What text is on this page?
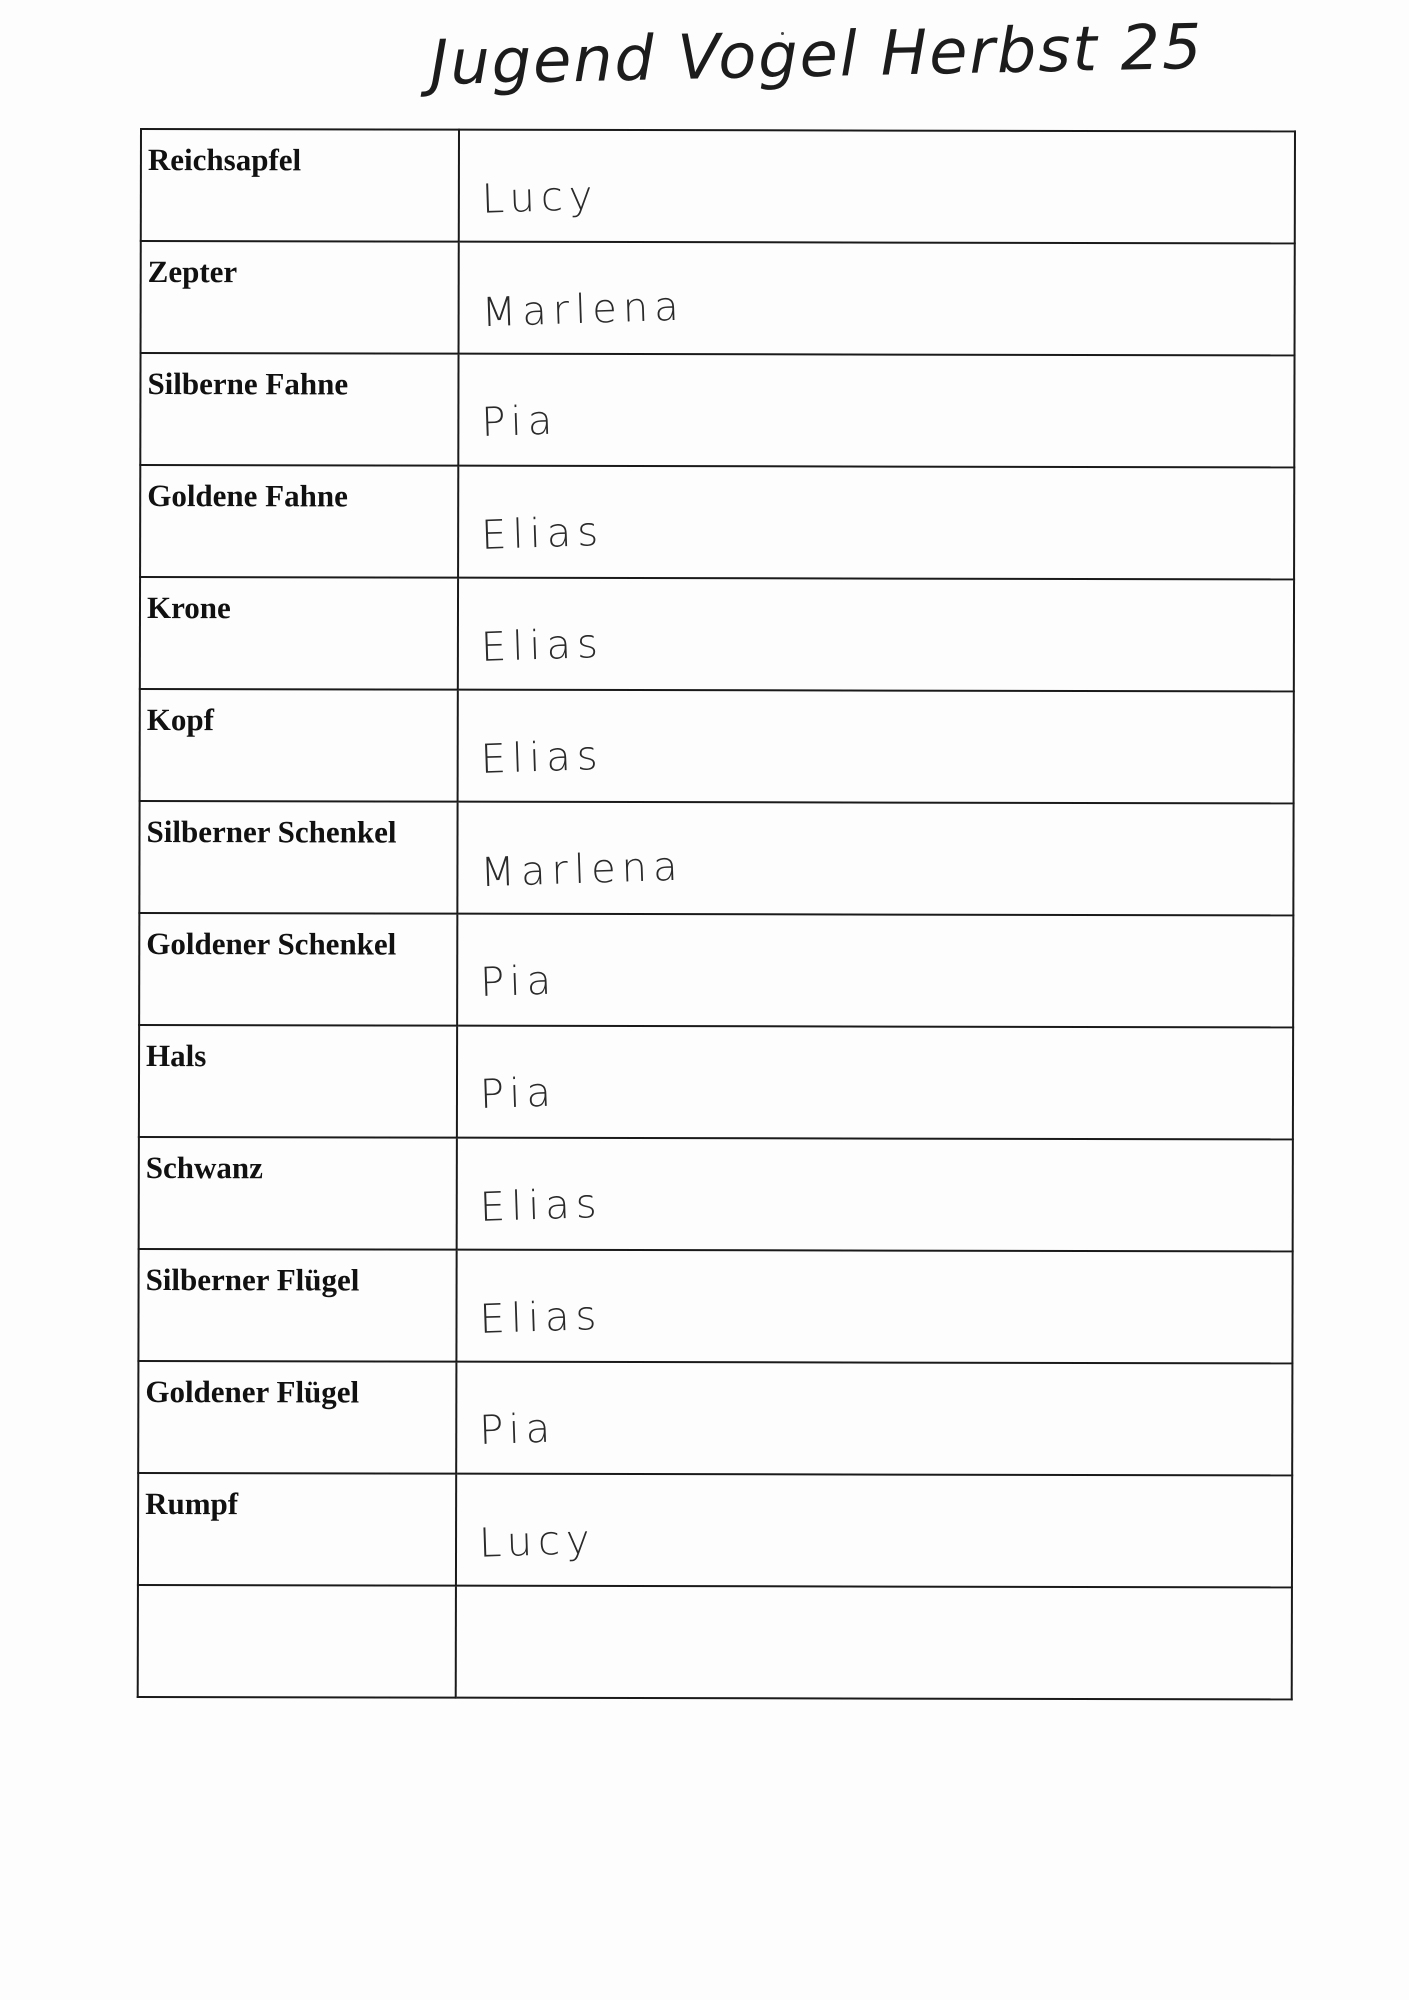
Jugend Vogel Herbst 25
Reichsapfel	Lucy

Zepter	Marlena

Silberne Fahne	Pia

Goldene Fahne	Elias

Krone	Elias

Kopf	Elias

Silberner Schenkel	Marlena

Goldener Schenkel	Pia

Hals	Pia

Schwanz	Elias

Silberner Flügel	Elias

Goldener Flügel	Pia

Rumpf	Lucy
